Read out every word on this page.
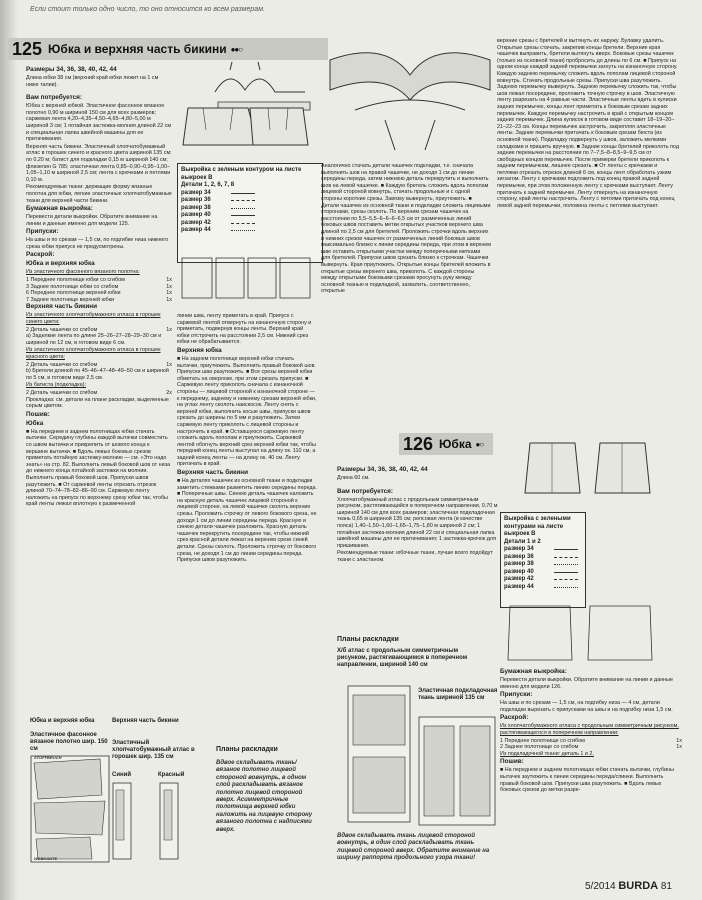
Если стоит только одно число, то оно относится ко всем размерам.
125 Юбка и верхняя часть бикини ●●○

Размеры 34, 36, 38, 40, 42, 44

Длина юбки 38 см (верхний край юбки лежит на 1 см ниже талии).

Вам потребуется:

Юбка с верхней юбкой. Эластичное фасонное вязаное полотно 0,90 м шириной 150 см для всех размеров; саржевая лента 4,20–4,35–4,50–4,65–4,80–5,00 м шириной 3 см; 1 потайная застежка-молния длиной 22 см и специальная лапка швейной машины для ее притачивания.

Верхняя часть бикини. Эластичный хлопчатобумажный атлас в горошек синего и красного цвета шириной 135 см: по 0,20 м; батист для подкладки 0,15 м шириной 140 см; флизелин G 785; эластичная лента 0,85–0,90–0,95–1,00–1,05–1,10 м шириной 2,5 см; лента с крючками и петлями 0,10 м.

Рекомендуемые ткани: держащие форму вязаные полотна для юбки, легкие эластичные хлопчатобумажные ткани для верхней части бикини.

Бумажная выкройка:

Перевести детали выкройки. Обратите внимание на линии и данные именно для модели 125.

Припуски:

На швы и по срезам — 1,5 см, по подгибке низа нижнего среза юбки припуск не предусмотрены.

Раскрой:

Юбка и верхняя юбка

Из эластичного фасонного вязаного полотна:

1 Переднее полотнище юбки со сгибом	1x
3 Заднее полотнище юбки со сгибом	1x
6 Переднее полотнище верхней юбки	1x
7 Заднее полотнище верхней юбки	1x

Верхняя часть бикини

Из эластичного хлопчатобумажного атласа в горошек синего цвета:

2 Деталь чашечки со сгибом	1x

a) Заделкие лента по длине 25–26–27–28–29–30 см и шириной по 12 см, в готовом виде 6 см.

Из эластичного хлопчатобумажного атласа в горошек красного цвета:

2 Деталь чашечки со сгибом	1x

b) Бретели длиной по 45–46–47–48–49–50 см и шириной по 5 см, в готовом виде 2,5 см.

Из батиста (подкладка):

2 Деталь чашечки со сгибом	2x

Прокладка: см. детали на плане раскладки, выделенные серым цветом.

Пошив:

Юбка

■ На переднем и заднем полотнищах юбки стачать вытачки. Середину глубины каждой вытачки совместить со швом вытачки и прикрепить от шового конца к вершине вытачки. ■ Вдоль левых боковых срезов приметать потайную застежку-молнию — см. «Это надо знать» на стр. 82. Выполнить левый боковой шов от низа до нижнего конца потайной застежки на молнии. Выполнить правый боковой шов. Припуски швов разутюжить. ■ От саржевой ленты отрезать отрезок длиной 70–74–78–82–86–90 см. Саржевую ленту наложить на припуск по верхнему срезу юбки так, чтобы край ленты лежал вплотную к размеченной

Выкройка с зеленым контуром на листе выкроек В
Детали 1, 2, 6, 7, 8
размер 34
размер 36
размер 38
размер 40
размер 42
размер 44

линии шва, ленту приметать в край. Припуск с саржевой лентой отвернуть на изнаночную сторону и приметать, подвернув концы ленты. Верхний край юбки отстрочить на расстоянии 2,5 см. Нижний срез юбки не обрабатывается.

Верхняя юбка

■ На заднем полотнище верхней юбки стачать вытачки, приутюжить. Выполнить правый боковой шов. Припуски шва разутюжить. ■ Все срезы верхней юбки обметать на оверлоке, при этом срезать припуски. ■ Саржевую ленту приколоть сначала с изнаночной стороны — лицевой стороной к изнаночной стороне — к переднему, заднему и нижнему срезам верхней юбки, на углах ленту сколоть наискосок. Ленту снять с верхней юбки, выполнить косые швы, припуски швов срезать до ширины по 5 мм и разутюжить. Затем саржевую ленту приколоть с лицевой стороны и настрочить в край. ■ Оставшуюся саржевую ленту сложить вдоль пополам и приутюжить. Саржевой лентой обогнуть верхний срез верхней юбки так, чтобы передний конец ленты выступал на длину ок. 110 см, а задний конец ленты — на длину ок. 40 см. Ленту притачать в край.

Верхняя часть бикини

■ На деталях чашечек из основной ткани и подкладки заметить стежками разметить линию середины переда. ■ Поперечные швы. Синюю деталь чашечек наложить на красную деталь чашечек лицевой стороной к лицевой стороне, на левой чашечке сколоть верхние срезы. Проложить строчку от левого бокового среза, не доходя 1 см до линии середины переда. Красную и синюю детали чашечек разложить. Красную деталь чашечек перекрутить посередине так, чтобы нижний срез красной детали лежал на верхнем срезе синей детали. Срезы сколоть. Проложить строчку от бокового среза, не доходя 1 см до линии середины переда. Припуски швов разутюжить.

Аналогично стачать детали чашечек подкладки, т.е. сначала выполнить шов на правой чашечке, не доходя 1 см до линии середины переда, затем нижнюю деталь перекрутить и выполнить шов на левой чашечке. ■ Каждую бретель сложить вдоль пополам лицевой стороной вовнутрь, стачать продольные и с одной стороны короткие срезы. Завязку вывернуть, приутюжить. ■ Детали чашечек из основной ткани и подкладки сложить лицевыми сторонами, срезы сколоть. По верхним срезам чашечек на расстоянии по 5,5–5,5–6–6–6–6,5 см от размеченных линий боковых швов поставить метки открытых участков верхнего шва длиной по 2,5 см для бретелей. Проложить строчки вдоль верхних и нижних срезов чашечек от размеченных линий боковых швов максимально близко к линии середины переда, при этом в верхнем шве оставить открытыми участки между поперечными метками для бретелей. Припуски швов срезать близко к строчкам. Чашечки вывернуть. Края приутюжить. Открытые концы бретелей вложить в открытые срезы верхнего шва, приколоть. С каждой стороны между открытыми боковыми срезами просунуть руку между основной тканью и подкладкой, захватить, соответственно, открытые

верхние срезы с бретелей и вытянуть их наружу. Булавку удалить. Открытые срезы стачать, закрепив концы бретели. Верхние края чашечек выправить, бретели вытянуть вверх. Боковые срезы чашечек (только из основной ткани) пробросить до длины по 6 см. ■ Припуск на одном конце каждой задней перемычки загнуть на изнаночную сторону. Каждую заднюю перемычку сложить вдоль пополам лицевой стороной вовнутрь. Стачать продольные срезы. Припуски шва разутюжить. Заднюю перемычку вывернуть. Заднюю перемычку сложить так, чтобы шов лежал посередине, проложить точную строчку в шов. Эластичную ленту разрезать на 4 равные части. Эластичные ленты вдеть в кулиски задних перемычек, концы лент приметать к боковым срезам задних перемычек. Каждую перемычку настрочить в край с открытым концом задних перемычек. Длина кулисок в готовом виде составит 18–19–20–21–22–23 см. Концы перемычек застрочить, закрепляя эластичные ленты. Задние перемычки притачать к боковым срезам бюста (из основной ткани). Подкладку подвернуть у швов, заложить мелкими складками и пришить вручную. ■ Задние концы бретелей приколоть под задние перемычки на расстоянии по 7–7,5–8–8,5–9–9,5 см от свободных концов перемычек. После примерки бретели приколоть к задним перемычкам, лишнее срезать. ■ От ленты с крючками и петлями отрезать отрезок длиной 6 см, концы лент обработать узким зигзагом. Ленту с крючками подложить под конец правой задней перемычки, при этом положенную ленту с крючками выступает. Ленту притачать к задней перемычке. Ленту отвернуть на изнаночную сторону, край ленты настрочить. Ленту с петлями притачать под конец левой задней перемычки, половина ленты с петлями выступает.

Юбка и верхняя юбка
Эластичное фасонное вязаное полотно шир. 150 см
STOFFBRUCH
WEBKANTE
Верхняя часть бикини
Эластичный хлопчатобумажный атлас в горошек шир. 135 см
Синий	Красный
Планы раскладки
Вдвое складывать ткань/вязаное полотно лицевой стороной вовнутрь, в одном слой раскладывать вязаное полотно лицевой стороной вверх. Асимметричные полотнища верхней юбки наложить на лицевую сторону вязаного полотна с надписями вверх.
126 Юбка ●○

Размеры 34, 36, 38, 40, 42, 44

Длина 60 см.

Вам потребуется:

Хлопчатобумажный атлас с продольным симметричным рисунком, растягивающийся в поперечном направлении, 0,70 м шириной 140 см для всех размеров; эластичная подкладочная ткань 0,65 м шириной 135 см; репсовая лента (в качестве пояса) 1,40–1,50–1,60–1,65–1,75–1,80 м шириной 2 см; 1 потайная застежка-молния длиной 22 см и специальная лапка швейной машины для ее притачивания; 1 застежка-крючок для пришивания.

Рекомендуемые ткани: юбочные ткани, лучше всего подойдут ткани с эластаном.

Выкройка с зелеными контурами на листе выкроек В
Детали 1 и 2
размер 34
размер 36
размер 38
размер 40
размер 42
размер 44
Планы раскладки
Х/б атлас с продольным симметричным рисунком, растягивающимся в поперечном направлении, шириной 140 см
Эластичная подкладочная ткань шириной 135 см
Вдвое складывать ткань лицевой стороной вовнутрь, в один слой раскладывать ткань лицевой стороной вверх. Обратите внимание на ширину раппорта продольного узора ткани!

Бумажная выкройка:

Перевести детали выкройки. Обратите внимание на линии и данные именно для модели 126.

Припуски:

На швы и по срезам — 1,5 см, на подгибку низа — 4 см, детали подкладки вырезать с припусками на швы и на подгибку низа 1,5 см.

Раскрой:

Из хлопчатобумажного атласа с продольным симметричным рисунком, растягивающегося в поперечном направлении:

1 Переднее полотнище со сгибом	1x
2 Заднее полотнище со сгибом	1x

Из подкладочной ткани: деталь 1 и 2.

Пошив:

■ На переднем и заднем полотнищах юбки стачать вытачки, глубины вытачек заутюжить к линии середины переда/спинки. Выполнить правый боковой шов. Припуски шва разутюжить. ■ Вдоль левых боковых срезов до метки разре-

5/2014 BURDA 81
